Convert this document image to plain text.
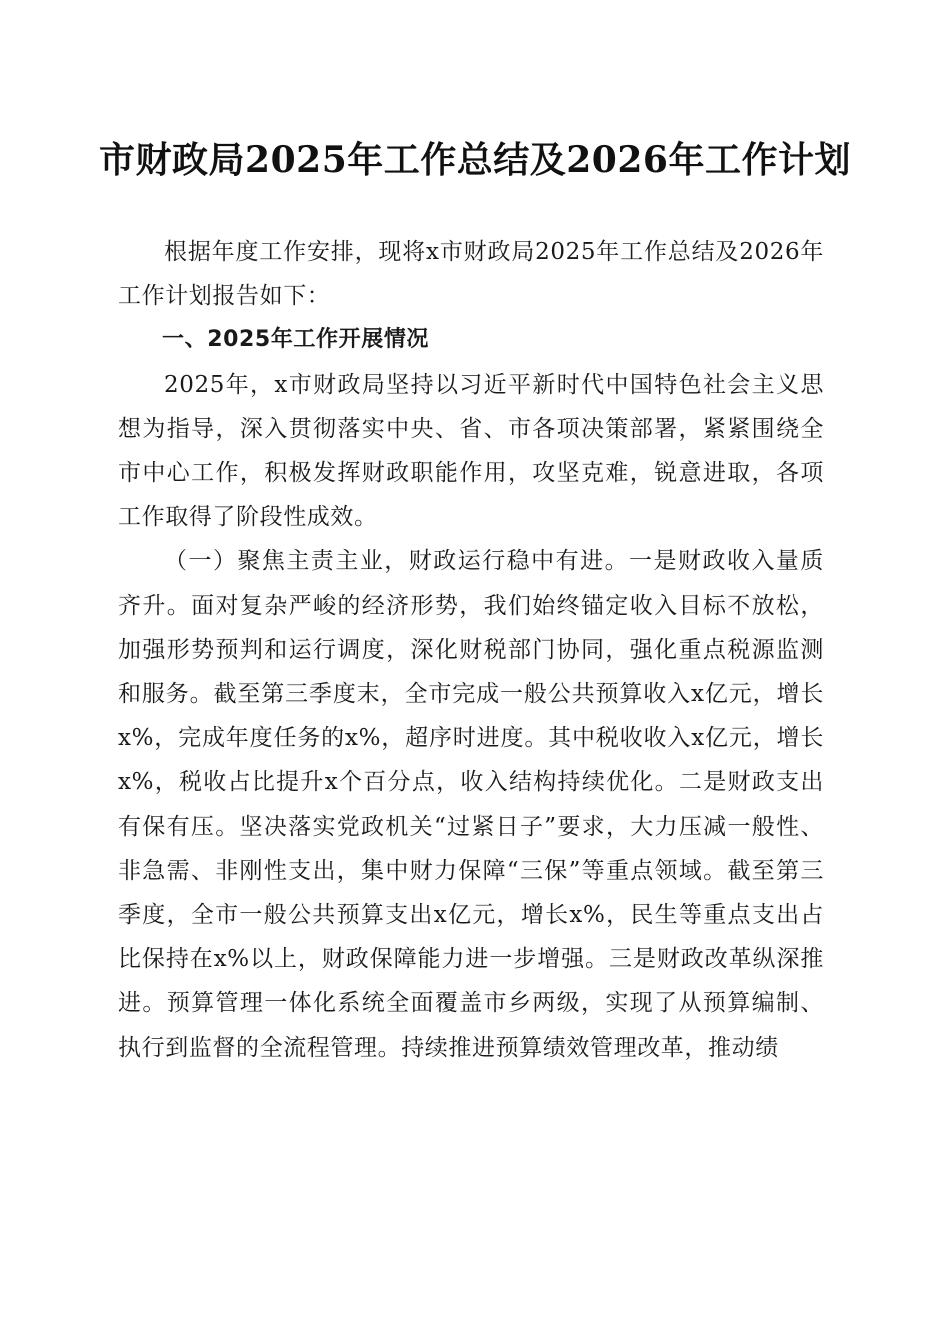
市财政局2025年工作总结及2026年工作计划

根据年度工作安排，现将x市财政局2025年工作总结及2026年工作计划报告如下：

一、2025年工作开展情况

2025年，x市财政局坚持以习近平新时代中国特色社会主义思想为指导，深入贯彻落实中央、省、市各项决策部署，紧紧围绕全市中心工作，积极发挥财政职能作用，攻坚克难，锐意进取，各项工作取得了阶段性成效。

（一）聚焦主责主业，财政运行稳中有进。一是财政收入量质齐升。面对复杂严峻的经济形势，我们始终锚定收入目标不放松，加强形势预判和运行调度，深化财税部门协同，强化重点税源监测和服务。截至第三季度末，全市完成一般公共预算收入x亿元，增长x%，完成年度任务的x%，超序时进度。其中税收收入x亿元，增长x%，税收占比提升x个百分点，收入结构持续优化。二是财政支出有保有压。坚决落实党政机关“过紧日子”要求，大力压减一般性、非急需、非刚性支出，集中财力保障“三保”等重点领域。截至第三季度，全市一般公共预算支出x亿元，增长x%，民生等重点支出占比保持在x%以上，财政保障能力进一步增强。三是财政改革纵深推进。预算管理一体化系统全面覆盖市乡两级，实现了从预算编制、执行到监督的全流程管理。持续推进预算绩效管理改革，推动绩
